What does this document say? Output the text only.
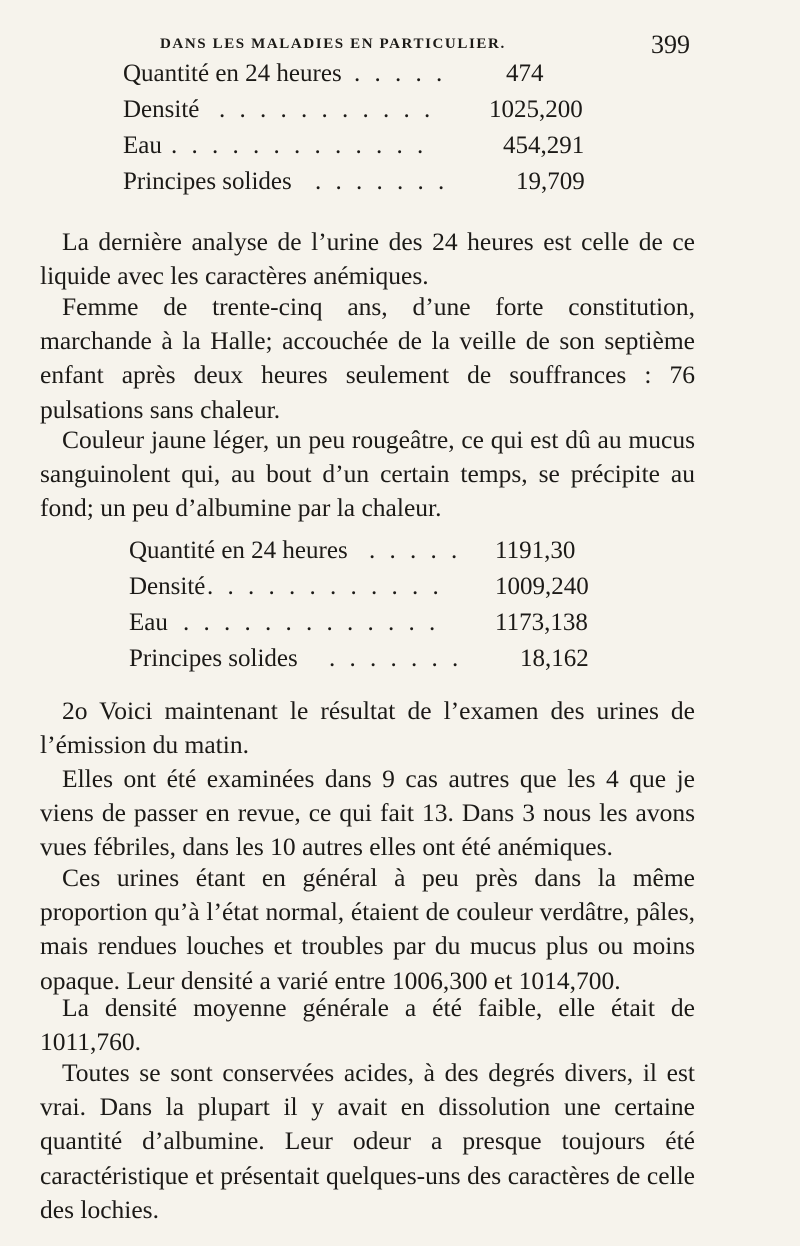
DANS LES MALADIES EN PARTICULIER.	399
Quantité en 24 heures . . . . . 474
Densité . . . . . . . . . . . 1025,200
Eau . . . . . . . . . . . . .	454,291
Principes solides . . . . . . .	19,709

La dernière analyse de l’urine des 24 heures est celle de ce liquide avec les caractères anémiques.

Femme de trente-cinq ans, d’une forte constitution, marchande à la Halle; accouchée de la veille de son septième enfant après deux heures seulement de souffrances : 76 pulsations sans chaleur.

Couleur jaune léger, un peu rougeâtre, ce qui est dû au mucus sanguinolent qui, au bout d’un certain temps, se précipite au fond; un peu d’albumine par la chaleur.

Quantité en 24 heures . . . . . 1191,30
Densité . . . . . . . . . . . . 1009,240
Eau . . . . . . . . . . . . . 1173,138
Principes solides . . . . . . . 18,162

2o Voici maintenant le résultat de l’examen des urines de l’émission du matin.

Elles ont été examinées dans 9 cas autres que les 4 que je viens de passer en revue, ce qui fait 13. Dans 3 nous les avons vues fébriles, dans les 10 autres elles ont été anémiques.

Ces urines étant en général à peu près dans la même proportion qu’à l’état normal, étaient de couleur verdâtre, pâles, mais rendues louches et troubles par du mucus plus ou moins opaque. Leur densité a varié entre 1006,300 et 1014,700.

La densité moyenne générale a été faible, elle était de 1011,760.

Toutes se sont conservées acides, à des degrés divers, il est vrai. Dans la plupart il y avait en dissolution une certaine quantité d’albumine. Leur odeur a presque toujours été caractéristique et présentait quelques-uns des caractères de celle des lochies.
